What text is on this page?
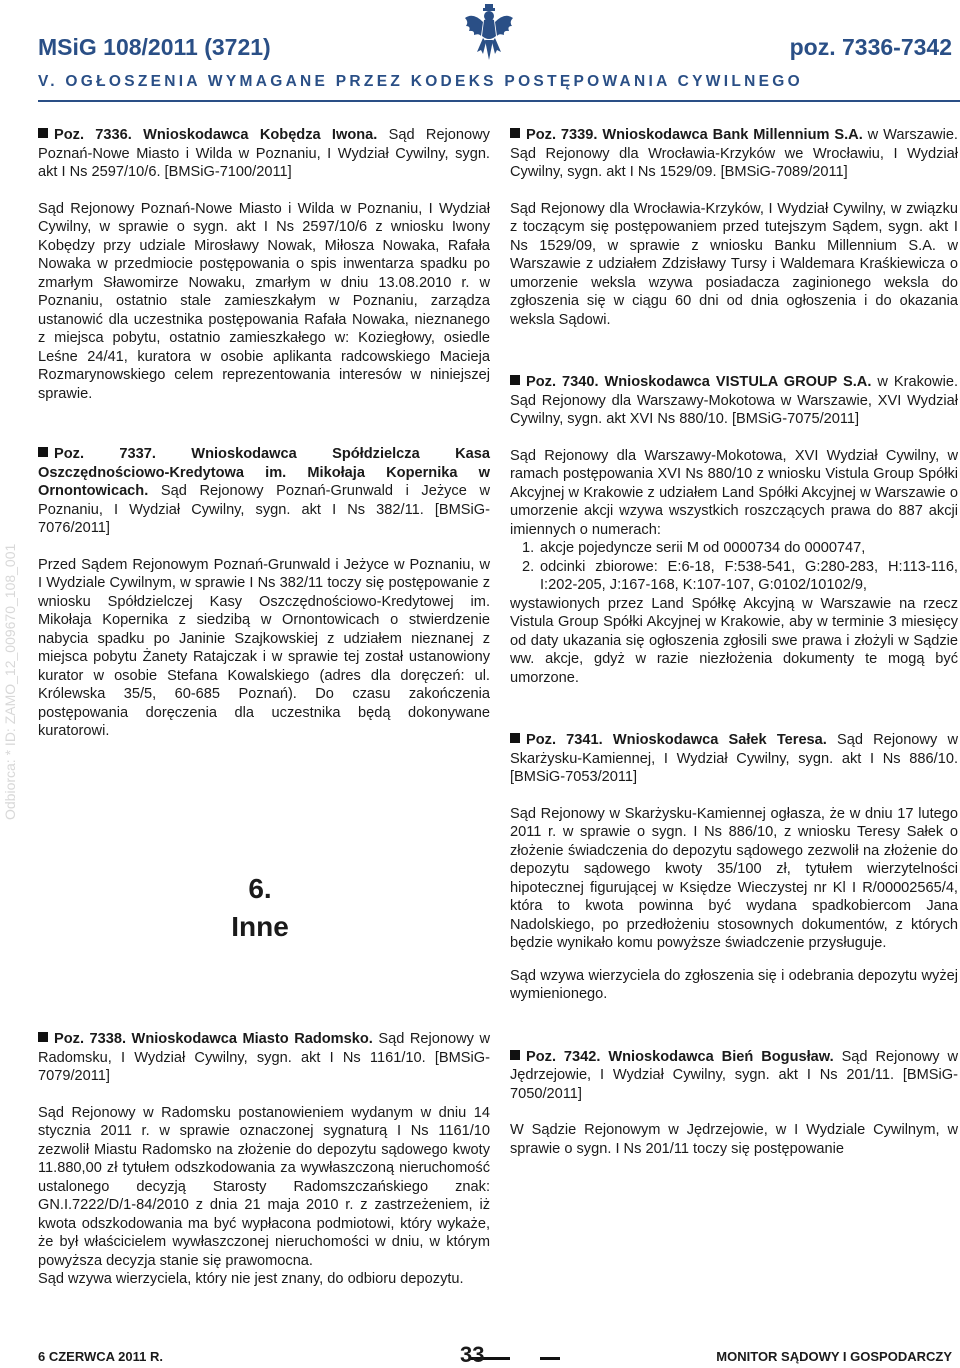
MSiG 108/2011 (3721)	poz. 7336-7342
V. OGŁOSZENIA WYMAGANE PRZEZ KODEKS POSTĘPOWANIA CYWILNEGO
Odbiorca: * ID: ZAMO_12_009670_108_001
Poz. 7336. Wnioskodawca Kobędza Iwona. Sąd Rejonowy Poznań-Nowe Miasto i Wilda w Poznaniu, I Wydział Cywilny, sygn. akt I Ns 2597/10/6. [BMSiG-7100/2011]

Sąd Rejonowy Poznań-Nowe Miasto i Wilda w Poznaniu, I Wydział Cywilny, w sprawie o sygn. akt I Ns 2597/10/6 z wniosku Iwony Kobędzy przy udziale Mirosławy Nowak, Miłosza Nowaka, Rafała Nowaka w przedmiocie postępowania o spis inwentarza spadku po zmarłym Sławomirze Nowaku, zmarłym w dniu 13.08.2010 r. w Poznaniu, ostatnio stale zamieszkałym w Poznaniu, zarządza ustanowić dla uczestnika postępowania Rafała Nowaka, nieznanego z miejsca pobytu, ostatnio zamieszkałego w: Koziegłowy, osiedle Leśne 24/41, kuratora w osobie aplikanta radcowskiego Macieja Rozmarynowskiego celem reprezentowania interesów w niniejszej sprawie.

Poz. 7337. Wnioskodawca Spółdzielcza Kasa Oszczędnościowo-Kredytowa im. Mikołaja Kopernika w Ornontowicach. Sąd Rejonowy Poznań-Grunwald i Jeżyce w Poznaniu, I Wydział Cywilny, sygn. akt I Ns 382/11. [BMSiG-7076/2011]

Przed Sądem Rejonowym Poznań-Grunwald i Jeżyce w Poznaniu, w I Wydziale Cywilnym, w sprawie I Ns 382/11 toczy się postępowanie z wniosku Spółdzielczej Kasy Oszczędnościowo-Kredytowej im. Mikołaja Kopernika z siedzibą w Ornontowicach o stwierdzenie nabycia spadku po Janinie Szajkowskiej z udziałem nieznanej z miejsca pobytu Żanety Ratajczak i w sprawie tej został ustanowiony kurator w osobie Stefana Kowalskiego (adres dla doręczeń: ul. Królewska 35/5, 60-685 Poznań). Do czasu zakończenia postępowania doręczenia dla uczestnika będą dokonywane kuratorowi.

6.
Inne
Poz. 7338. Wnioskodawca Miasto Radomsko. Sąd Rejonowy w Radomsku, I Wydział Cywilny, sygn. akt I Ns 1161/10. [BMSiG-7079/2011]

Sąd Rejonowy w Radomsku postanowieniem wydanym w dniu 14 stycznia 2011 r. w sprawie oznaczonej sygnaturą I Ns 1161/10 zezwolił Miastu Radomsko na złożenie do depozytu sądowego kwoty 11.880,00 zł tytułem odszkodowania za wywłaszczoną nieruchomość ustalonego decyzją Starosty Radomszczańskiego znak: GN.I.7222/D/1-84/2010 z dnia 21 maja 2010 r. z zastrzeżeniem, iż kwota odszkodowania ma być wypłacona podmiotowi, który wykaże, że był właścicielem wywłaszczonej nieruchomości w dniu, w którym powyższa decyzja stanie się prawomocna.

Sąd wzywa wierzyciela, który nie jest znany, do odbioru depozytu.

Poz. 7339. Wnioskodawca Bank Millennium S.A. w Warszawie. Sąd Rejonowy dla Wrocławia-Krzyków we Wrocławiu, I Wydział Cywilny, sygn. akt I Ns 1529/09. [BMSiG-7089/2011]

Sąd Rejonowy dla Wrocławia-Krzyków, I Wydział Cywilny, w związku z toczącym się postępowaniem przed tutejszym Sądem, sygn. akt I Ns 1529/09, w sprawie z wniosku Banku Millennium S.A. w Warszawie z udziałem Zdzisławy Tursy i Waldemara Kraśkiewicza o umorzenie weksla wzywa posiadacza zaginionego weksla do zgłoszenia się w ciągu 60 dni od dnia ogłoszenia i do okazania weksla Sądowi.

Poz. 7340. Wnioskodawca VISTULA GROUP S.A. w Krakowie. Sąd Rejonowy dla Warszawy-Mokotowa w Warszawie, XVI Wydział Cywilny, sygn. akt XVI Ns 880/10. [BMSiG-7075/2011]

Sąd Rejonowy dla Warszawy-Mokotowa, XVI Wydział Cywilny, w ramach postępowania XVI Ns 880/10 z wniosku Vistula Group Spółki Akcyjnej w Krakowie z udziałem Land Spółki Akcyjnej w Warszawie o umorzenie akcji wzywa wszystkich roszczących prawa do 887 akcji imiennych o numerach:

1. akcje pojedyncze serii M od 0000734 do 0000747,
2. odcinki zbiorowe: E:6-18, F:538-541, G:280-283, H:113-116, I:202-205, J:167-168, K:107-107, G:0102/10102/9,

wystawionych przez Land Spółkę Akcyjną w Warszawie na rzecz Vistula Group Spółki Akcyjnej w Krakowie, aby w terminie 3 miesięcy od daty ukazania się ogłoszenia zgłosili swe prawa i złożyli w Sądzie ww. akcje, gdyż w razie niezłożenia dokumenty te mogą być umorzone.

Poz. 7341. Wnioskodawca Sałek Teresa. Sąd Rejonowy w Skarżysku-Kamiennej, I Wydział Cywilny, sygn. akt I Ns 886/10. [BMSiG-7053/2011]

Sąd Rejonowy w Skarżysku-Kamiennej ogłasza, że w dniu 17 lutego 2011 r. w sprawie o sygn. I Ns 886/10, z wniosku Teresy Sałek o złożenie świadczenia do depozytu sądowego zezwolił na złożenie do depozytu sądowego kwoty 35/100 zł, tytułem wierzytelności hipotecznej figurującej w Księdze Wieczystej nr Kl I R/00002565/4, która to kwota powinna być wydana spadkobiercom Jana Nadolskiego, po przedłożeniu stosownych dokumentów, z których będzie wynikało komu powyższe świadczenie przysługuje.

Sąd wzywa wierzyciela do zgłoszenia się i odebrania depozytu wyżej wymienionego.

Poz. 7342. Wnioskodawca Bień Bogusław. Sąd Rejonowy w Jędrzejowie, I Wydział Cywilny, sygn. akt I Ns 201/11. [BMSiG-7050/2011]

W Sądzie Rejonowym w Jędrzejowie, w I Wydziale Cywilnym, w sprawie o sygn. I Ns 201/11 toczy się postępowanie

6 CZERWCA 2011 R.	33	MONITOR SĄDOWY I GOSPODARCZY
